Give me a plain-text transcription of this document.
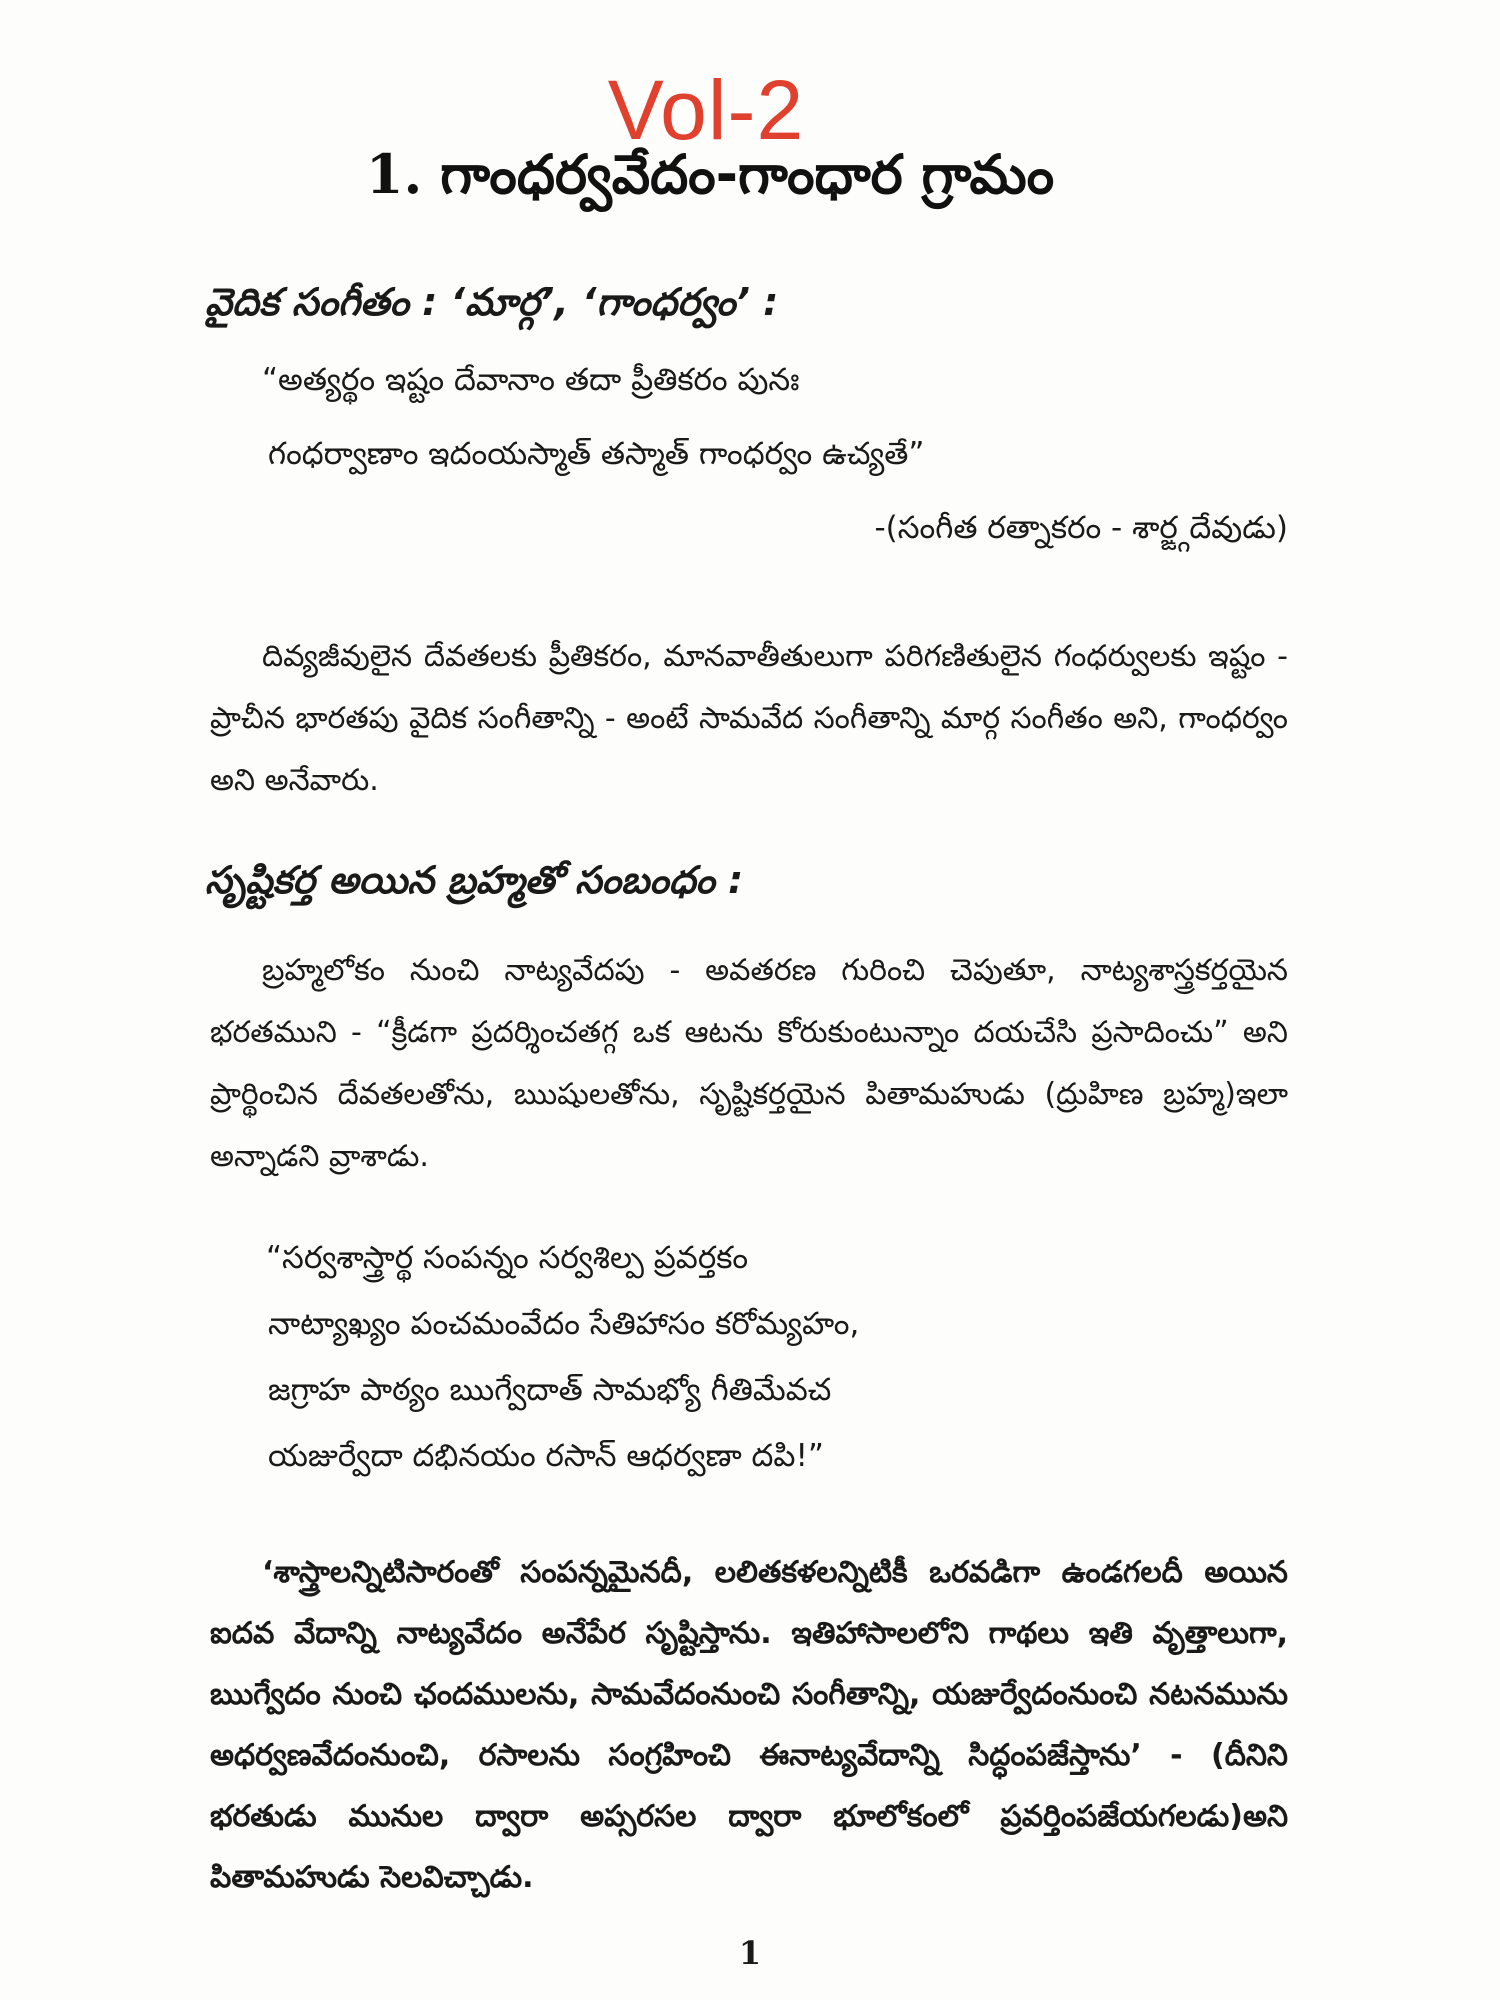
Vol-2
1. గాంధర్వవేదం-గాంధార గ్రామం
వైదిక సంగీతం : ‘మార్గ’, ‘గాంధర్వం’ :
“అత్యర్థం ఇష్టం దేవానాం తదా ప్రీతికరం పునః
గంధర్వాణాం ఇదంయస్మాత్ తస్మాత్ గాంధర్వం ఉచ్యతే”
-(సంగీత రత్నాకరం - శార్ఙ్గదేవుడు)

దివ్యజీవులైన దేవతలకు ప్రీతికరం, మానవాతీతులుగా పరిగణితులైన గంధర్వులకు ఇష్టం - ప్రాచీన భారతపు వైదిక సంగీతాన్ని - అంటే సామవేద సంగీతాన్ని మార్గ సంగీతం అని, గాంధర్వం అని అనేవారు.

సృష్టికర్త అయిన బ్రహ్మతో సంబంధం :

బ్రహ్మలోకం నుంచి నాట్యవేదపు - అవతరణ గురించి చెపుతూ, నాట్యశాస్త్రకర్తయైన భరతముని - “క్రీడగా ప్రదర్శించతగ్గ ఒక ఆటను కోరుకుంటున్నాం దయచేసి ప్రసాదించు” అని ప్రార్థించిన దేవతలతోను, ఋషులతోను, సృష్టికర్తయైన పితామహుడు (ద్రుహిణ బ్రహ్మ)ఇలా అన్నాడని వ్రాశాడు.

“సర్వశాస్త్రార్థ సంపన్నం సర్వశిల్ప ప్రవర్తకం
నాట్యాఖ్యం పంచమంవేదం సేతిహాసం కరోమ్యహం,
జగ్రాహ పాఠ్యం ఋగ్వేదాత్ సామభ్యో గీతిమేవచ
యజుర్వేదా దభినయం రసాన్ ఆధర్వణా దపి!”

‘శాస్త్రాలన్నిటిసారంతో సంపన్నమైనదీ, లలితకళలన్నిటికీ ఒరవడిగా ఉండగలదీ అయిన ఐదవ వేదాన్ని నాట్యవేదం అనేపేర సృష్టిస్తాను. ఇతిహాసాలలోని గాథలు ఇతి వృత్తాలుగా, ఋగ్వేదం నుంచి ఛందములను, సామవేదంనుంచి సంగీతాన్ని, యజుర్వేదంనుంచి నటనమును అధర్వణవేదంనుంచి, రసాలను సంగ్రహించి ఈనాట్యవేదాన్ని సిద్ధంపజేస్తాను’ - (దీనిని భరతుడు మునుల ద్వారా అప్సరసల ద్వారా భూలోకంలో ప్రవర్తింపజేయగలడు)అని పితామహుడు సెలవిచ్చాడు.

1
